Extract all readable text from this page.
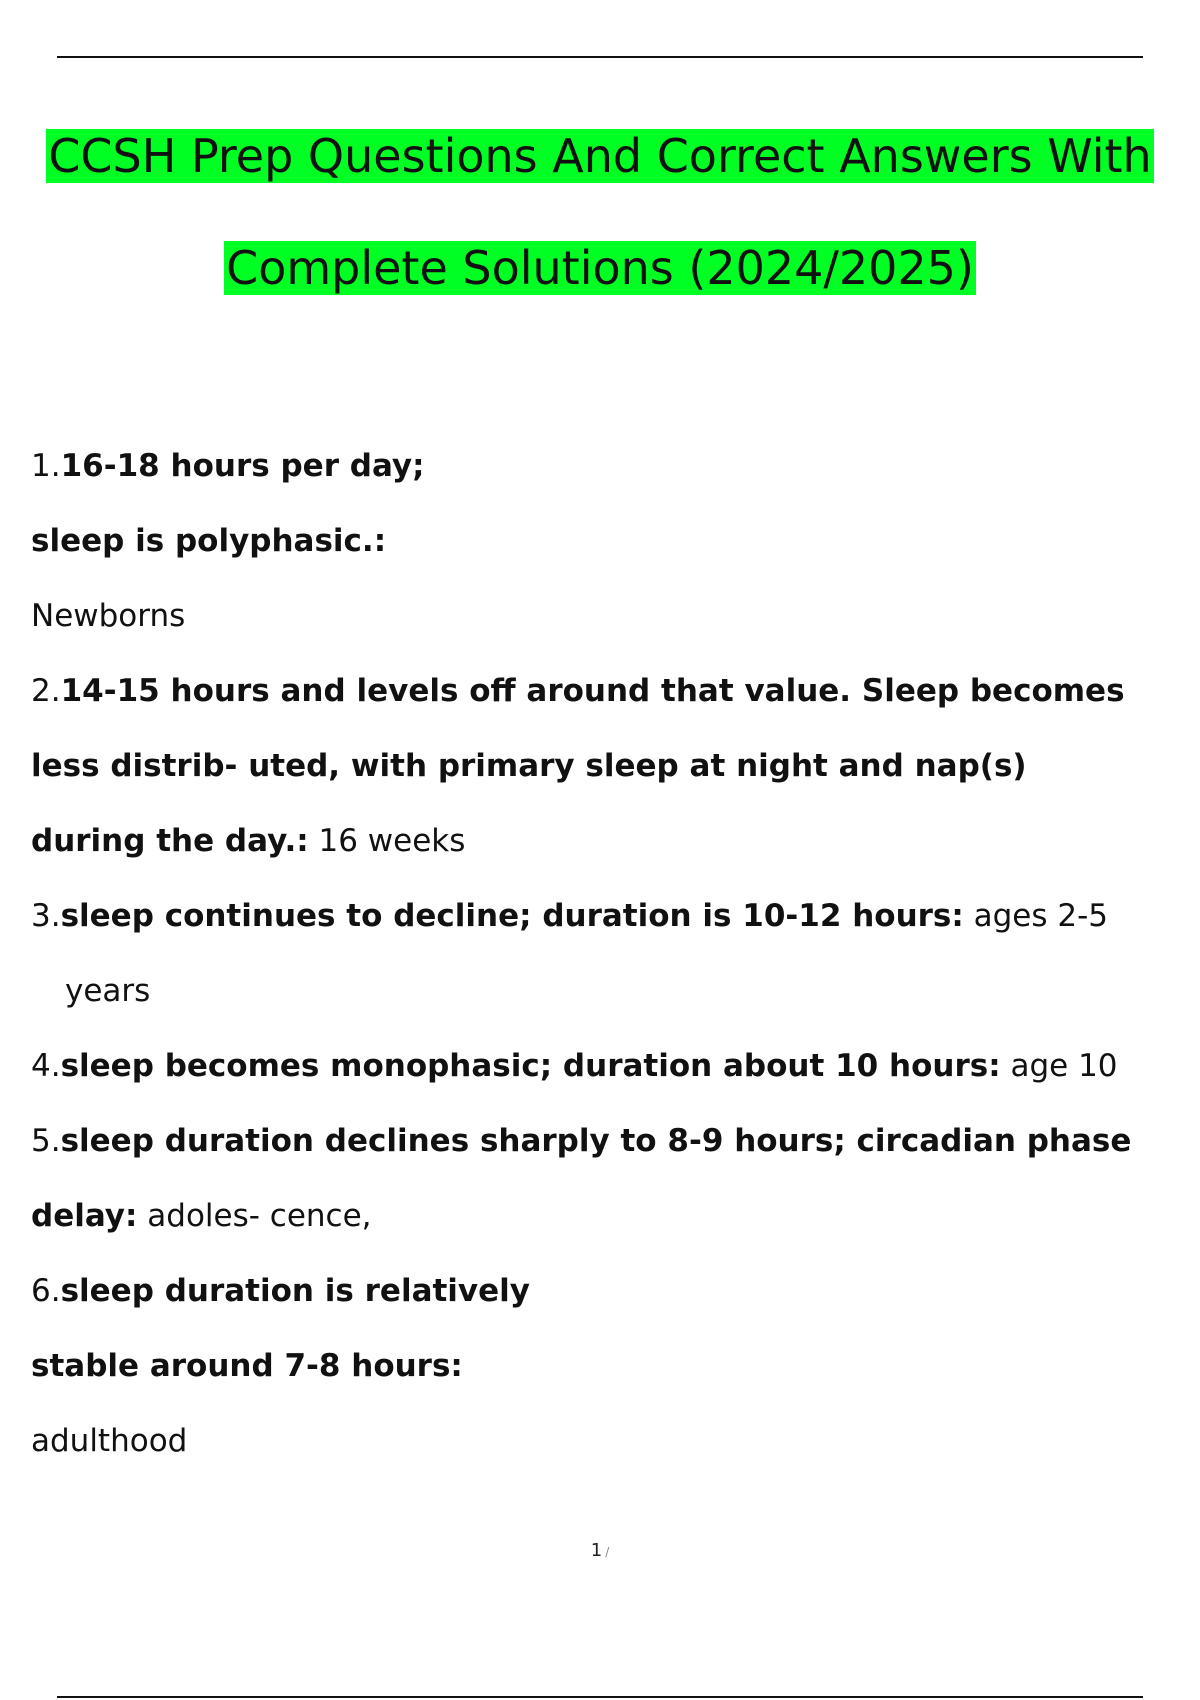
CCSH Prep Questions And Correct Answers With
Complete Solutions (2024/2025)
1.16-18 hours per day;
sleep is polyphasic.:
Newborns
2.14-15 hours and levels off around that value. Sleep becomes
less distrib- uted, with primary sleep at night and nap(s)
during the day.: 16 weeks
3.sleep continues to decline; duration is 10-12 hours: ages 2-5
years
4.sleep becomes monophasic; duration about 10 hours: age 10
5.sleep duration declines sharply to 8-9 hours; circadian phase
delay: adoles- cence,
6.sleep duration is relatively
stable around 7-8 hours:
adulthood
1 /
